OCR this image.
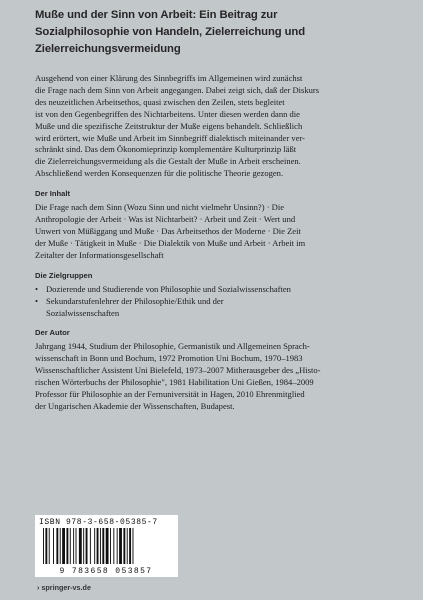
Muße und der Sinn von Arbeit: Ein Beitrag zur
Sozialphilosophie von Handeln, Zielerreichung und
Zielerreichungsvermeidung

Ausgehend von einer Klärung des Sinnbegriffs im Allgemeinen wird zunächst
die Frage nach dem Sinn von Arbeit angegangen. Dabei zeigt sich, daß der Diskurs
des neuzeitlichen Arbeitsethos, quasi zwischen den Zeilen, stets begleitet
ist von den Gegenbegriffen des Nichtarbeitens. Unter diesen werden dann die
Muße und die spezifische Zeitstruktur der Muße eigens behandelt. Schließlich
wird erörtert, wie Muße und Arbeit im Sinnbegriff dialektisch miteinander ver-
schränkt sind. Das dem Ökonomieprinzip komplementäre Kulturprinzip läßt
die Zielerreichungsvermeidung als die Gestalt der Muße in Arbeit erscheinen.
Abschließend werden Konsequenzen für die politische Theorie gezogen.

Der Inhalt

Die Frage nach dem Sinn (Wozu Sinn und nicht vielmehr Unsinn?) · Die
Anthropologie der Arbeit · Was ist Nichtarbeit? · Arbeit und Zeit · Wert und
Unwert von Müßiggang und Muße · Das Arbeitsethos der Moderne · Die Zeit
der Muße · Tätigkeit in Muße · Die Dialektik von Muße und Arbeit · Arbeit im
Zeitalter der Informationsgesellschaft

Die Zielgruppen
• Dozierende und Studierende von Philosophie und Sozialwissenschaften
• Sekundarstufenlehrer der Philosophie/Ethik und der
Sozialwissenschaften
Der Autor

Jahrgang 1944, Studium der Philosophie, Germanistik und Allgemeinen Sprach-
wissenschaft in Bonn und Bochum, 1972 Promotion Uni Bochum, 1970–1983
Wissenschaftlicher Assistent Uni Bielefeld, 1973–2007 Mitherausgeber des „Histo-
rischen Wörterbuchs der Philosophie", 1981 Habilitation Uni Gießen, 1984–2009
Professor für Philosophie an der Fernuniversität in Hagen, 2010 Ehrenmitglied
der Ungarischen Akademie der Wissenschaften, Budapest.

ISBN 978-3-658-05385-7
9 783658 053857
› springer-vs.de
